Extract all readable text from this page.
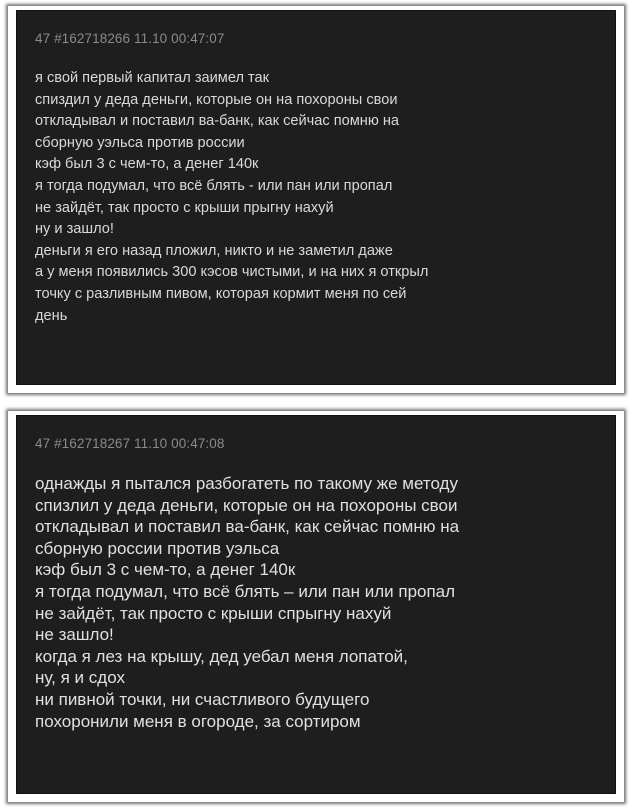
47 #162718266 11.10 00:47:07
я свой первый капитал заимел так
спиздил у деда деньги, которые он на похороны свои
откладывал и поставил ва-банк, как сейчас помню на
сборную уэльса против россии
кэф был 3 с чем-то, а денег 140к
я тогда подумал, что всё блять - или пан или пропал
не зайдёт, так просто с крыши прыгну нахуй
ну и зашло!
деньги я его назад пложил, никто и не заметил даже
а у меня появились 300 кэсов чистыми, и на них я открыл
точку с разливным пивом, которая кормит меня по сей
день
47 #162718267 11.10 00:47:08
однажды я пытался разбогатеть по такому же методу
спизлил у деда деньги, которые он на похороны свои
откладывал и поставил ва-банк, как сейчас помню на
сборную россии против уэльса
кэф был 3 с чем-то, а денег 140к
я тогда подумал, что всё блять – или пан или пропал
не зайдёт, так просто с крыши спрыгну нахуй
не зашло!
когда я лез на крышу, дед уебал меня лопатой,
ну, я и сдох
ни пивной точки, ни счастливого будущего
похоронили меня в огороде, за сортиром
